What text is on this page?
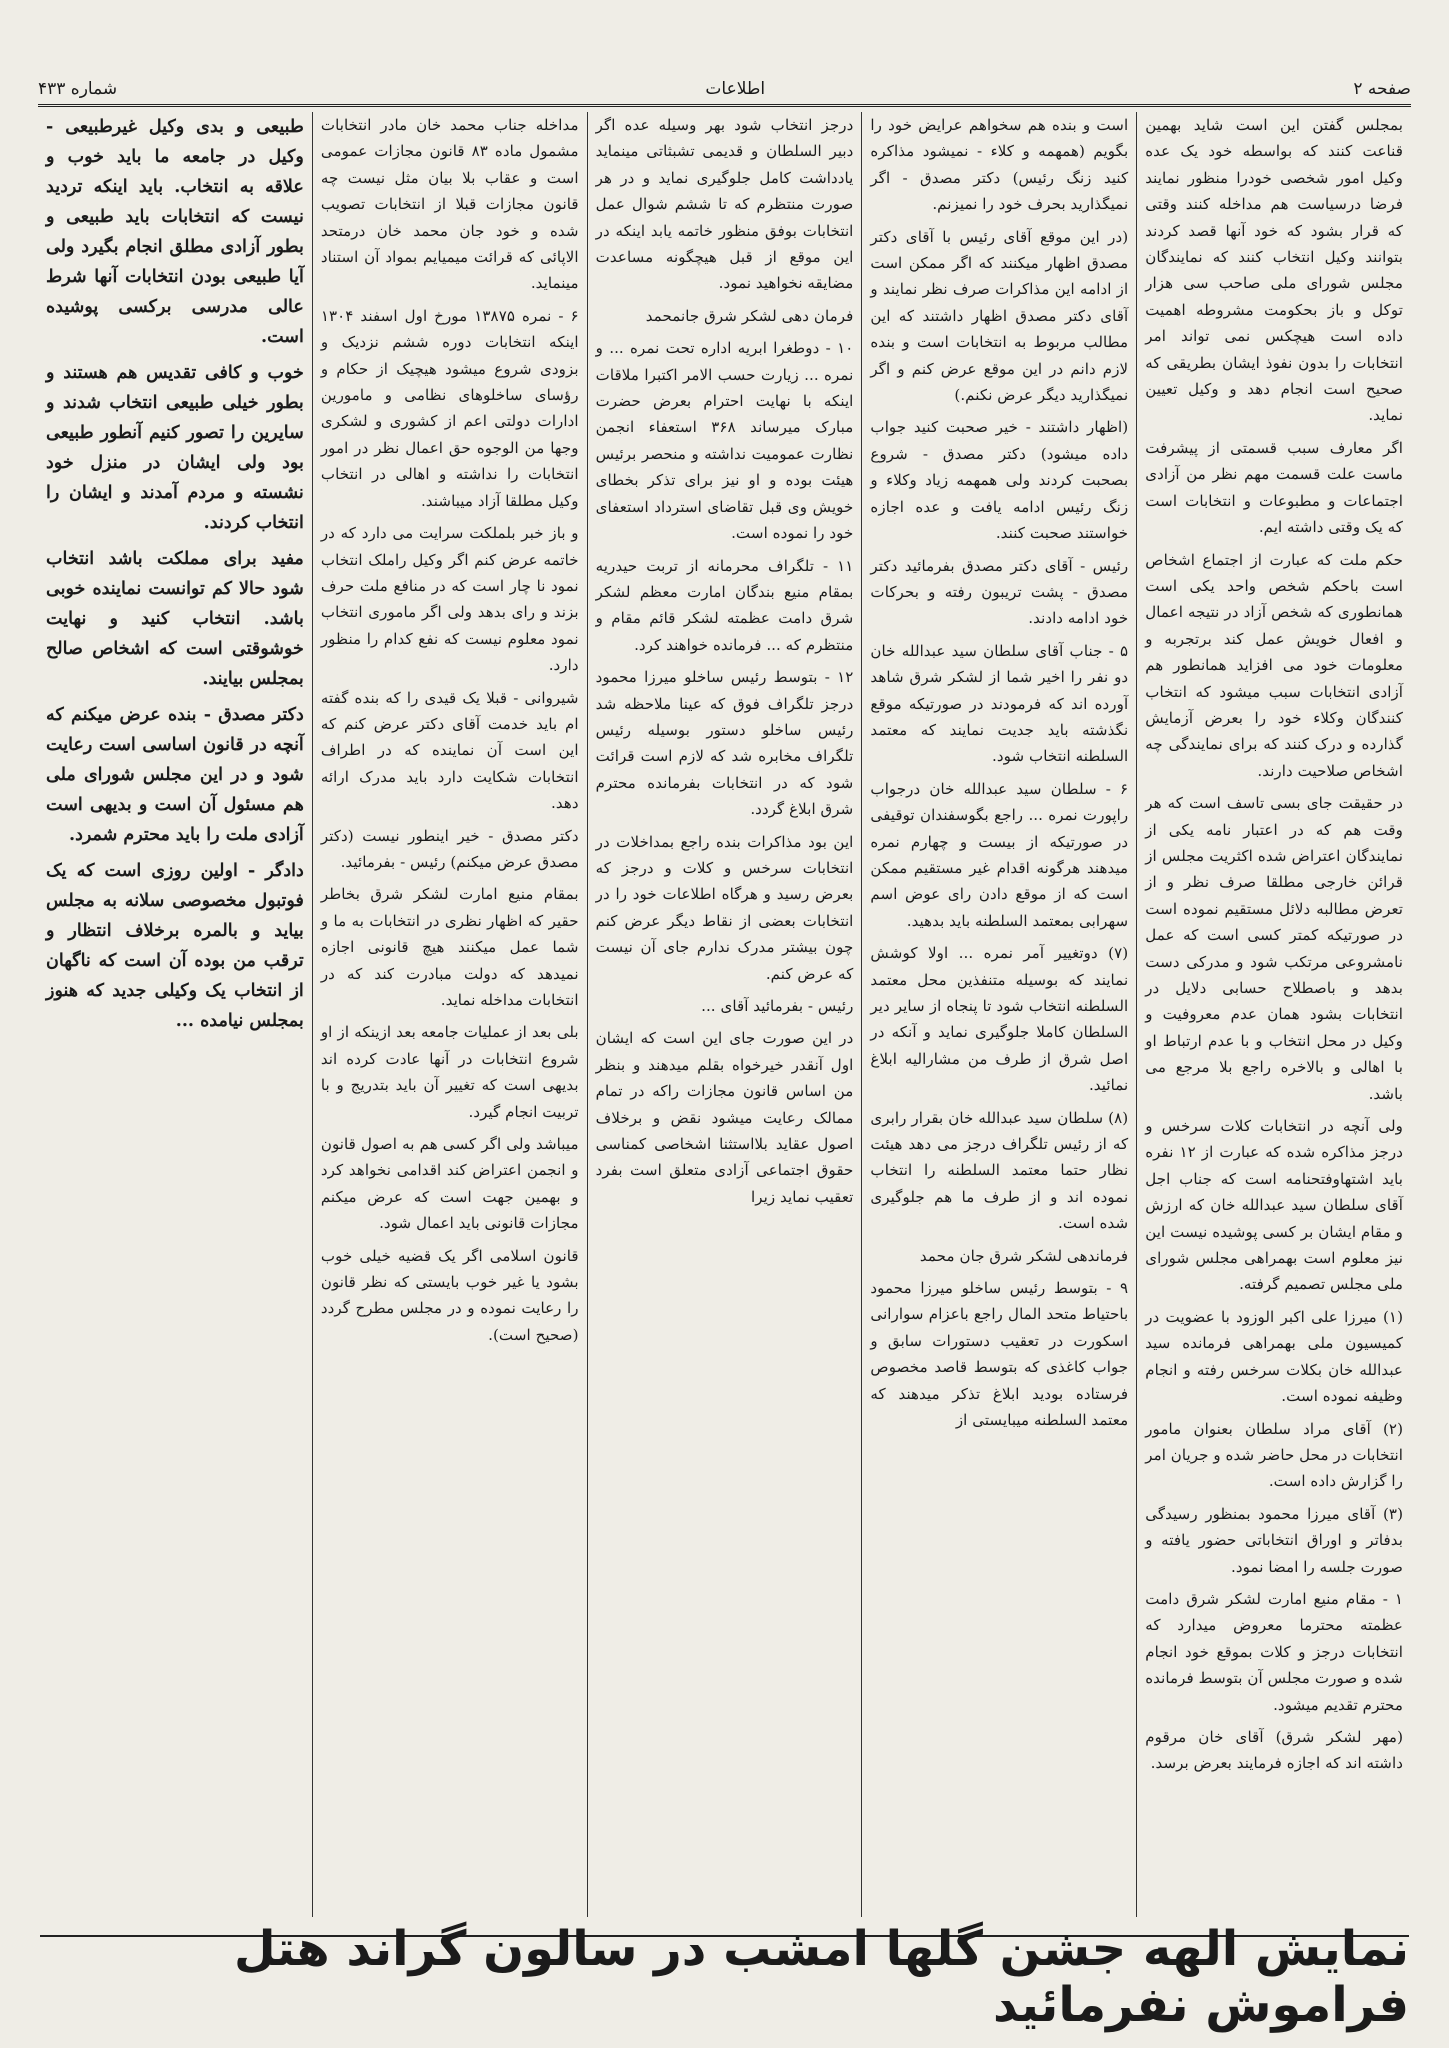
صفحه ۲
اطلاعات
شماره ۴۳۳

بمجلس گفتن این است شاید بهمین قناعت کنند که بواسطه خود یک عده وکیل امور شخصی خودرا منظور نمایند فرضا درسیاست هم مداخله کنند وقتی که قرار بشود که خود آنها قصد کردند بتوانند وکیل انتخاب کنند که نمایندگان مجلس شورای ملی صاحب سی هزار توکل و باز بحکومت مشروطه اهمیت داده است هیچکس نمی تواند امر انتخابات را بدون نفوذ ایشان بطریقی که صحیح است انجام دهد و وکیل تعیین نماید.

اگر معارف سبب قسمتی از پیشرفت ماست علت قسمت مهم نظر من آزادی اجتماعات و مطبوعات و انتخابات است که یک وقتی داشته ایم.

حکم ملت که عبارت از اجتماع اشخاص است باحکم شخص واحد یکی است همانطوری که شخص آزاد در نتیجه اعمال و افعال خویش عمل کند برتجربه و معلومات خود می افزاید همانطور هم آزادی انتخابات سبب میشود که انتخاب کنندگان وکلاء خود را بعرض آزمایش گذارده و درک کنند که برای نمایندگی چه اشخاص صلاحیت دارند.

در حقیقت جای بسی تاسف است که هر وقت هم که در اعتبار نامه یکی از نمایندگان اعتراض شده اکثریت مجلس از قرائن خارجی مطلقا صرف نظر و از تعرض مطالبه دلائل مستقیم نموده است در صورتیکه کمتر کسی است که عمل نامشروعی مرتکب شود و مدرکی دست بدهد و باصطلاح حسابی دلایل در انتخابات بشود همان عدم معروفیت و وکیل در محل انتخاب و با عدم ارتباط او با اهالی و بالاخره راجع بلا مرجع می باشد.

ولی آنچه در انتخابات کلات سرخس و درجز مذاکره شده که عبارت از ۱۲ نفره باید اشتهاوفتحنامه است که جناب اجل آقای سلطان سید عبدالله خان که ارزش و مقام ایشان بر کسی پوشیده نیست این نیز معلوم است بهمراهی مجلس شورای ملی مجلس تصمیم گرفته.

(۱) میرزا علی اکبر الوزود با عضویت در کمیسیون ملی بهمراهی فرمانده سید عبدالله خان بکلات سرخس رفته و انجام وظیفه نموده است.

(۲) آقای مراد سلطان بعنوان مامور انتخابات در محل حاضر شده و جریان امر را گزارش داده است.

(۳) آقای میرزا محمود بمنظور رسیدگی بدفاتر و اوراق انتخاباتی حضور یافته و صورت جلسه را امضا نمود.

۱ - مقام منیع امارت لشکر شرق دامت عظمته محترما معروض میدارد که انتخابات درجز و کلات بموقع خود انجام شده و صورت مجلس آن بتوسط فرمانده محترم تقدیم میشود.

(مهر لشکر شرق) آقای خان مرقوم داشته اند که اجازه فرمایند بعرض برسد.

است و بنده هم سخواهم عرایض خود را بگویم (همهمه و کلاء - نمیشود مذاکره کنید زنگ رئیس) دکتر مصدق - اگر نمیگذارید بحرف خود را نمیزنم.

(در این موقع آقای رئیس با آقای دکتر مصدق اظهار میکنند که اگر ممکن است از ادامه این مذاکرات صرف نظر نمایند و آقای دکتر مصدق اظهار داشتند که این مطالب مربوط به انتخابات است و بنده لازم دانم در این موقع عرض کنم و اگر نمیگذارید دیگر عرض نکنم.)

(اظهار داشتند - خیر صحبت کنید جواب داده میشود) دکتر مصدق - شروع بصحبت کردند ولی همهمه زیاد وکلاء و زنگ رئیس ادامه یافت و عده اجازه خواستند صحبت کنند.

رئیس - آقای دکتر مصدق بفرمائید دکتر مصدق - پشت تریبون رفته و بحرکات خود ادامه دادند.

۵ - جناب آقای سلطان سید عبدالله خان دو نفر را اخیر شما از لشکر شرق شاهد آورده اند که فرمودند در صورتیکه موقع نگذشته باید جدیت نمایند که معتمد السلطنه انتخاب شود.

۶ - سلطان سید عبدالله خان درجواب راپورت نمره ... راجع بگوسفندان توقیفی در صورتیکه از بیست و چهارم نمره میدهند هرگونه اقدام غیر مستقیم ممکن است که از موقع دادن رای عوض اسم سهرابی بمعتمد السلطنه باید بدهید.

(۷) دوتغییر آمر نمره ... اولا کوشش نمایند که بوسیله متنفذین محل معتمد السلطنه انتخاب شود تا پنجاه از ساير دیر السلطان کاملا جلوگیری نماید و آنکه در اصل شرق از طرف من مشارالیه ابلاغ نمائید.

(۸) سلطان سید عبدالله خان بقرار رابری که از رئیس تلگراف درجز می دهد هیئت نظار حتما معتمد السلطنه را انتخاب نموده اند و از طرف ما هم جلوگیری شده است.

فرماندهی لشکر شرق جان محمد

۹ - بتوسط رئیس ساخلو میرزا محمود باحتیاط متحد المال راجع باعزام سوارانی اسکورت در تعقیب دستورات سابق و جواب کاغذی که بتوسط قاصد مخصوص فرستاده بودید ابلاغ تذکر میدهند که معتمد السلطنه میبایستی از

درجز انتخاب شود بهر وسیله عده اگر دبیر السلطان و قدیمی تشبثاتی مینماید یادداشت کامل جلوگیری نماید و در هر صورت منتظرم که تا ششم شوال عمل انتخابات بوفق منظور خاتمه یابد اینکه در این موقع از قبل هیچگونه مساعدت مضایقه نخواهید نمود.

فرمان دهی لشکر شرق جانمحمد

۱۰ - دوطغرا ابریه اداره تحت نمره ... و نمره ... زیارت حسب الامر اکتبرا ملاقات اینکه با نهایت احترام بعرض حضرت مبارک میرساند ۳۶۸ استعفاء انجمن نظارت عمومیت نداشته و منحصر برئیس هیئت بوده و او نیز برای تذکر بخطای خویش وی قبل تقاضای استرداد استعفای خود را نموده است.

۱۱ - تلگراف محرمانه از تربت حیدریه بمقام منیع بندگان امارت معظم لشکر شرق دامت عظمته لشکر قائم مقام و منتظرم که ... فرمانده خواهند کرد.

۱۲ - بتوسط رئیس ساخلو میرزا محمود درجز تلگراف فوق که عینا ملاحظه شد رئیس ساخلو دستور بوسیله رئیس تلگراف مخابره شد که لازم است قرائت شود که در انتخابات بفرمانده محترم شرق ابلاغ گردد.

این بود مذاکرات بنده راجع بمداخلات در انتخابات سرخس و کلات و درجز که بعرض رسید و هرگاه اطلاعات خود را در انتخابات بعضی از نقاط دیگر عرض کنم چون بیشتر مدرک ندارم جای آن نیست که عرض کنم.

رئیس - بفرمائید آقای ...

در این صورت جای این است که ایشان اول آنقدر خیرخواه بقلم میدهند و بنظر من اساس قانون مجازات راکه در تمام ممالک رعایت میشود نقض و برخلاف اصول عقاید بلااستثنا اشخاصی کمناسی حقوق اجتماعی آزادی متعلق است بفرد تعقیب نماید زیرا

مداخله جناب محمد خان مادر انتخابات مشمول ماده ۸۳ قانون مجازات عمومی است و عقاب بلا بیان مثل نیست چه قانون مجازات قبلا از انتخابات تصویب شده و خود جان محمد خان درمتحد الاپائی که قرائت میمیایم بمواد آن استناد مینماید.

۶ - نمره ۱۳۸۷۵ مورخ اول اسفند ۱۳۰۴ اینکه انتخابات دوره ششم نزدیک و بزودی شروع میشود هیچیک از حکام و رؤسای ساخلوهای نظامی و مامورین ادارات دولتی اعم از کشوری و لشکری وجها من الوجوه حق اعمال نظر در امور انتخابات را نداشته و اهالی در انتخاب وکیل مطلقا آزاد میباشند.

و باز خبر بلملکت سرایت می دارد که در خاتمه عرض کنم اگر وکیل راملک انتخاب نمود نا چار است که در منافع ملت حرف بزند و رای بدهد ولی اگر ماموری انتخاب نمود معلوم نیست که نفع کدام را منظور دارد.

شیروانی - قبلا یک قیدی را که بنده گفته ام باید خدمت آقای دکتر عرض کنم که این است آن نماینده که در اطراف انتخابات شکایت دارد باید مدرک ارائه دهد.

دکتر مصدق - خیر اینطور نیست (دکتر مصدق عرض میکنم) رئیس - بفرمائید.

بمقام منیع امارت لشکر شرق بخاطر حقیر که اظهار نظری در انتخابات به ما و شما عمل میکنند هیچ قانونی اجازه نمیدهد که دولت مبادرت کند که در انتخابات مداخله نماید.

بلی بعد از عملیات جامعه بعد ازینکه از او شروع انتخابات در آنها عادت کرده اند بدیهی است که تغییر آن باید بتدریج و با تربیت انجام گیرد.

میباشد ولی اگر کسی هم به اصول قانون و انجمن اعتراض کند اقدامی نخواهد کرد و بهمین جهت است که عرض میکنم مجازات قانونی باید اعمال شود.

قانون اسلامی اگر یک قضیه خیلی خوب بشود یا غیر خوب بایستی که نظر قانون را رعایت نموده و در مجلس مطرح گردد (صحیح است).

طبیعی و بدی وکیل غیرطبیعی - وکیل در جامعه ما باید خوب و علاقه به انتخاب. باید اینکه تردید نیست که انتخابات باید طبیعی و بطور آزادی مطلق انجام بگیرد ولی آیا طبیعی بودن انتخابات آنها شرط عالی مدرسی برکسی پوشیده است.

خوب و کافی تقدیس هم هستند و بطور خیلی طبیعی انتخاب شدند و سایرین را تصور کنیم آنطور طبیعی بود ولی ایشان در منزل خود نشسته و مردم آمدند و ایشان را انتخاب کردند.

مفید برای مملکت باشد انتخاب شود حالا کم توانست نماینده خوبی باشد. انتخاب کنید و نهایت خوشوقتی است که اشخاص صالح بمجلس بیایند.

دکتر مصدق - بنده عرض میکنم که آنچه در قانون اساسی است رعایت شود و در این مجلس شورای ملی هم مسئول آن است و بدیهی است آزادی ملت را باید محترم شمرد.

دادگر - اولین روزی است که یک فوتبول مخصوصی سلانه به مجلس بیاید و بالمره برخلاف انتظار و ترقب من بوده آن است که ناگهان از انتخاب یک وکیلی جدید که هنوز بمجلس نیامده ...

نمایش الهه جشن گلها امشب در سالون گراند هتل فراموش نفرمائید
